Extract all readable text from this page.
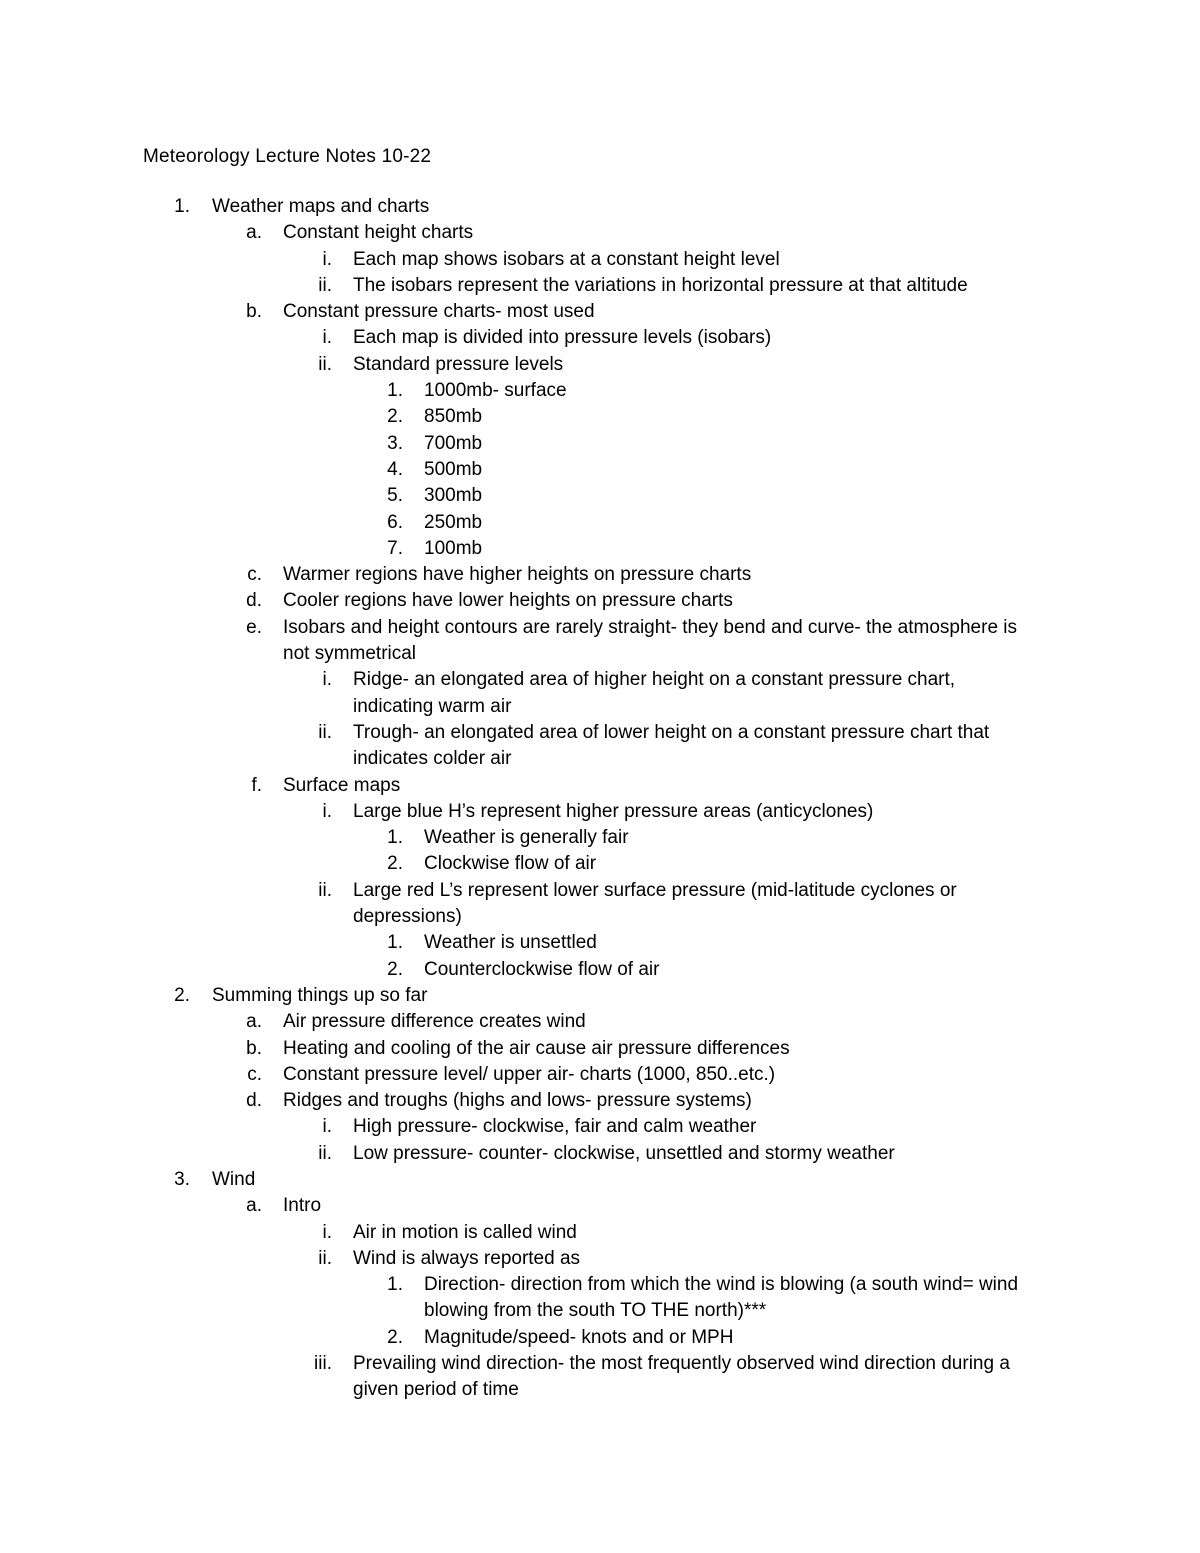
Meteorology Lecture Notes 10-22
1. Weather maps and charts
a. Constant height charts
i. Each map shows isobars at a constant height level
ii. The isobars represent the variations in horizontal pressure at that altitude
b. Constant pressure charts- most used
i. Each map is divided into pressure levels (isobars)
ii. Standard pressure levels
1. 1000mb- surface
2. 850mb
3. 700mb
4. 500mb
5. 300mb
6. 250mb
7. 100mb
c. Warmer regions have higher heights on pressure charts
d. Cooler regions have lower heights on pressure charts
e. Isobars and height contours are rarely straight- they bend and curve- the atmosphere is
not symmetrical
i. Ridge- an elongated area of higher height on a constant pressure chart,
indicating warm air
ii. Trough- an elongated area of lower height on a constant pressure chart that
indicates colder air
f. Surface maps
i. Large blue H’s represent higher pressure areas (anticyclones)
1. Weather is generally fair
2. Clockwise flow of air
ii. Large red L’s represent lower surface pressure (mid-latitude cyclones or
depressions)
1. Weather is unsettled
2. Counterclockwise flow of air
2. Summing things up so far
a. Air pressure difference creates wind
b. Heating and cooling of the air cause air pressure differences
c. Constant pressure level/ upper air- charts (1000, 850..etc.)
d. Ridges and troughs (highs and lows- pressure systems)
i. High pressure- clockwise, fair and calm weather
ii. Low pressure- counter- clockwise, unsettled and stormy weather
3. Wind
a. Intro
i. Air in motion is called wind
ii. Wind is always reported as
1. Direction- direction from which the wind is blowing (a south wind= wind
blowing from the south TO THE north)***
2. Magnitude/speed- knots and or MPH
iii. Prevailing wind direction- the most frequently observed wind direction during a
given period of time
